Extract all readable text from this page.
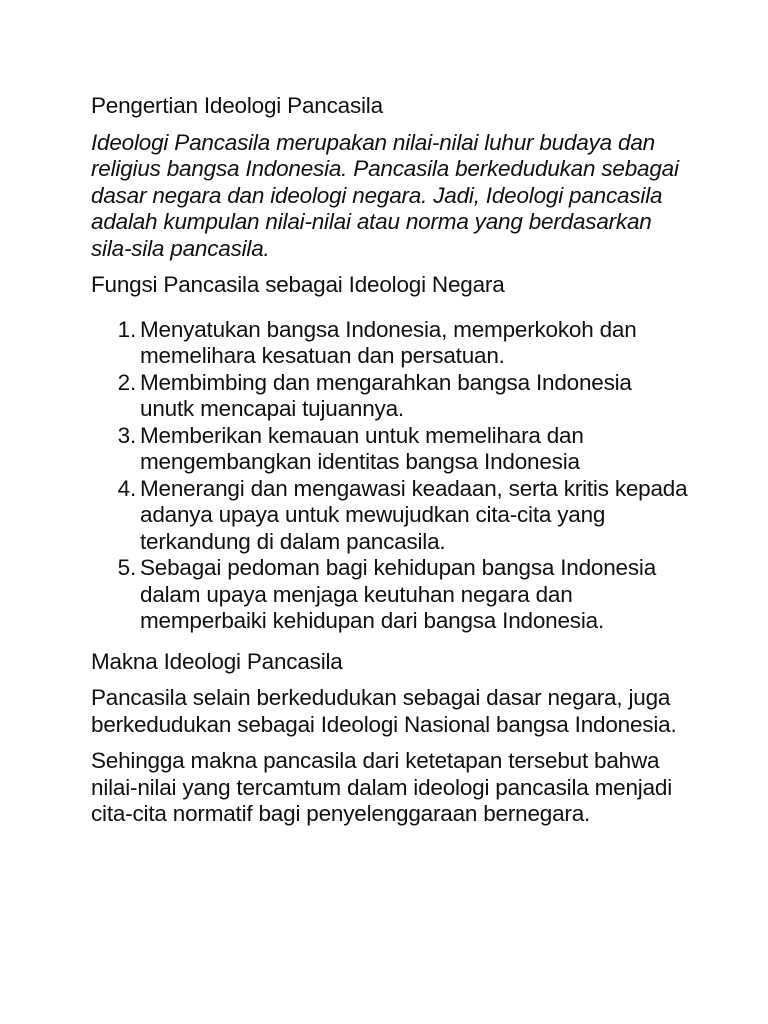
Pengertian Ideologi Pancasila
Ideologi Pancasila merupakan nilai-nilai luhur budaya dan religius bangsa Indonesia. Pancasila berkedudukan sebagai dasar negara dan ideologi negara. Jadi, Ideologi pancasila adalah kumpulan nilai-nilai atau norma yang berdasarkan sila-sila pancasila.
Fungsi Pancasila sebagai Ideologi Negara
1. Menyatukan bangsa Indonesia, memperkokoh dan memelihara kesatuan dan persatuan.
2. Membimbing dan mengarahkan bangsa Indonesia unutk mencapai tujuannya.
3. Memberikan kemauan untuk memelihara dan mengembangkan identitas bangsa Indonesia
4. Menerangi dan mengawasi keadaan, serta kritis kepada adanya upaya untuk mewujudkan cita-cita yang terkandung di dalam pancasila.
5. Sebagai pedoman bagi kehidupan bangsa Indonesia dalam upaya menjaga keutuhan negara dan memperbaiki kehidupan dari bangsa Indonesia.
Makna Ideologi Pancasila
Pancasila selain berkedudukan sebagai dasar negara, juga berkedudukan sebagai Ideologi Nasional bangsa Indonesia.
Sehingga makna pancasila dari ketetapan tersebut bahwa nilai-nilai yang tercamtum dalam ideologi pancasila menjadi cita-cita normatif bagi penyelenggaraan bernegara.
